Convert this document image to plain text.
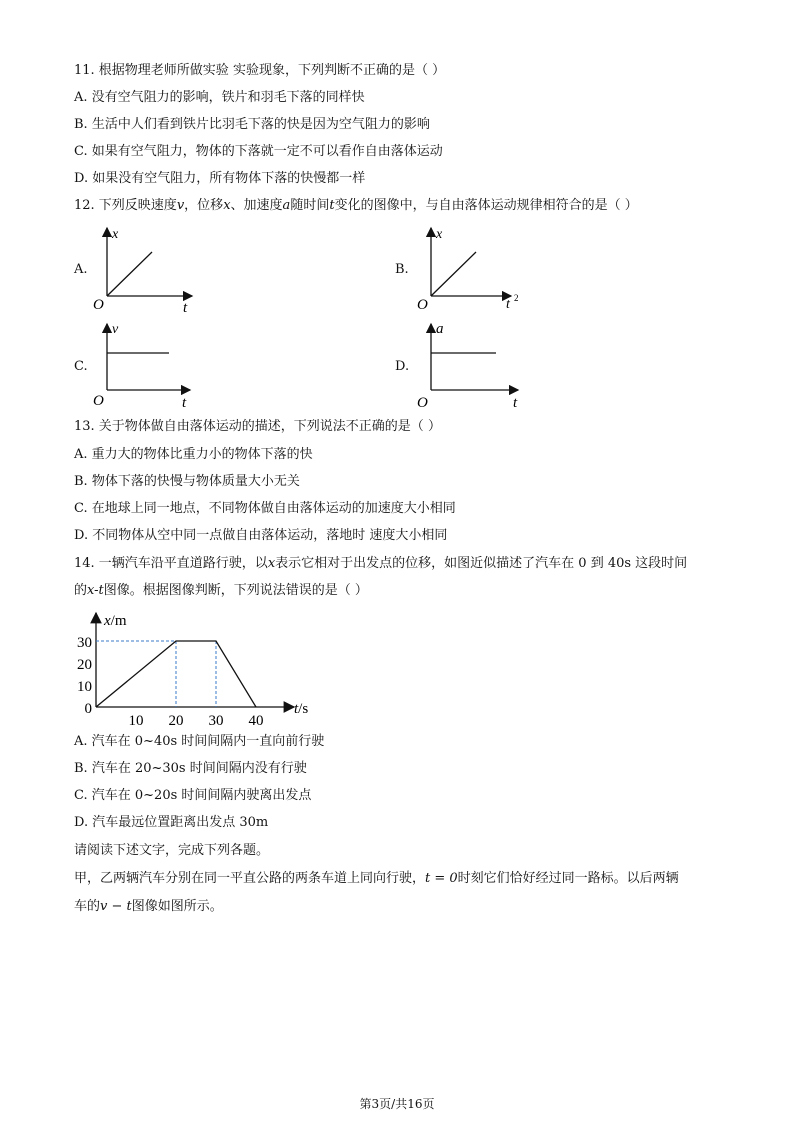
11. 根据物理老师所做实验 实验现象，下列判断不正确的是（ ）
A. 没有空气阻力的影响，铁片和羽毛下落的同样快
B. 生活中人们看到铁片比羽毛下落的快是因为空气阻力的影响
C. 如果有空气阻力，物体的下落就一定不可以看作自由落体运动
D. 如果没有空气阻力，所有物体下落的快慢都一样
12. 下列反映速度v，位移x、加速度a随时间t变化的图像中，与自由落体运动规律相符合的是（ ）
A.
x
t
O
B.
x
t 2
O
C.
v
t
O
D.
a
t
O
13. 关于物体做自由落体运动的描述，下列说法不正确的是（ ）
A. 重力大的物体比重力小的物体下落的快
B. 物体下落的快慢与物体质量大小无关
C. 在地球上同一地点，不同物体做自由落体运动的加速度大小相同
D. 不同物体从空中同一点做自由落体运动，落地时 速度大小相同
14. 一辆汽车沿平直道路行驶，以x表示它相对于出发点的位移，如图近似描述了汽车在 0 到 40s 这段时间
的x-t图像。根据图像判断，下列说法错误的是（ ）
10 20 30 40
0
10
20
30
x/m
t/s
A. 汽车在 0~40s 时间间隔内一直向前行驶
B. 汽车在 20~30s 时间间隔内没有行驶
C. 汽车在 0~20s 时间间隔内驶离出发点
D. 汽车最远位置距离出发点 30m
请阅读下述文字，完成下列各题。
甲，乙两辆汽车分别在同一平直公路的两条车道上同向行驶，t = 0时刻它们恰好经过同一路标。以后两辆
车的v − t图像如图所示。
第3页/共16页
